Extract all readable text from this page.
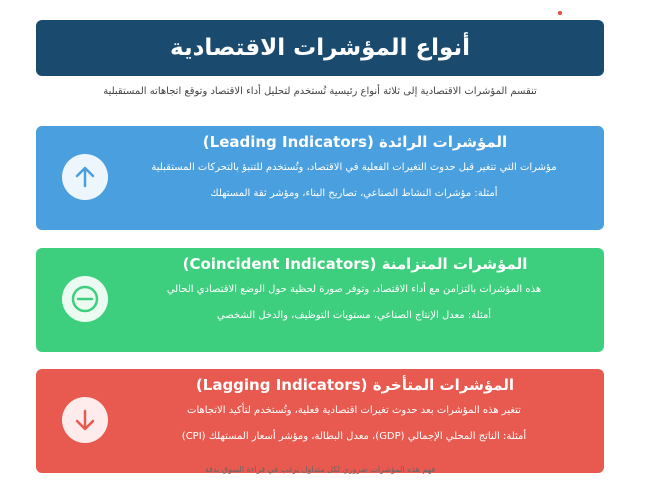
أنواع المؤشرات الاقتصادية
تنقسم المؤشرات الاقتصادية إلى ثلاثة أنواع رئيسية تُستخدم لتحليل أداء الاقتصاد وتوقع اتجاهاته المستقبلية
(Leading Indicators) المؤشرات الرائدة
مؤشرات التي تتغير قبل حدوث التغيرات الفعلية في الاقتصاد، وتُستخدم للتنبؤ بالتحركات المستقبلية
أمثلة: مؤشرات النشاط الصناعي، تصاريح البناء، ومؤشر ثقة المستهلك
(Coincident Indicators) المؤشرات المتزامنة
هذه المؤشرات بالتزامن مع أداء الاقتصاد، وتوفر صورة لحظية حول الوضع الاقتصادي الحالي
أمثلة: معدل الإنتاج الصناعي، مستويات التوظيف، والدخل الشخصي
(Lagging Indicators) المؤشرات المتأخرة
تتغير هذه المؤشرات بعد حدوث تغيرات اقتصادية فعلية، وتُستخدم لتأكيد الاتجاهات
أمثلة: الناتج المحلي الإجمالي (GDP)، معدل البطالة، ومؤشر أسعار المستهلك (CPI)
فهم هذه المؤشرات ضروري لكل متداول يرغب في قراءة السوق بدقة
